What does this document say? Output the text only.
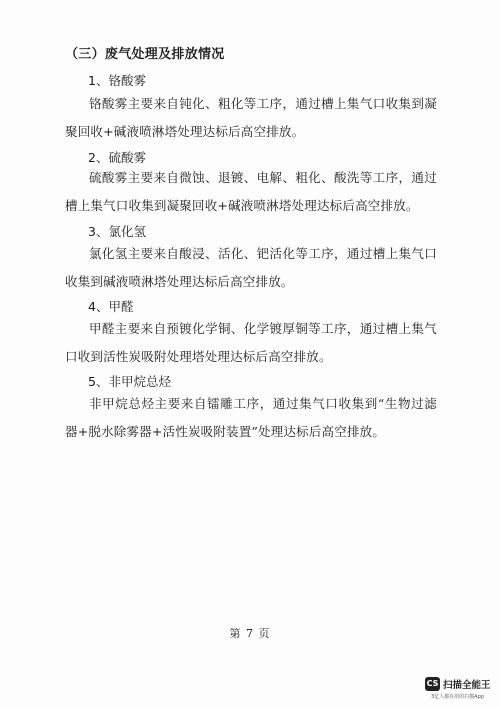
（三）废气处理及排放情况
1、铬酸雾
铬酸雾主要来自钝化、粗化等工序，通过槽上集气口收集到凝聚回收+碱液喷淋塔处理达标后高空排放。
2、硫酸雾
硫酸雾主要来自微蚀、退镀、电解、粗化、酸洗等工序，通过槽上集气口收集到凝聚回收+碱液喷淋塔处理达标后高空排放。
3、氯化氢
氯化氢主要来自酸浸、活化、钯活化等工序，通过槽上集气口收集到碱液喷淋塔处理达标后高空排放。
4、甲醛
甲醛主要来自预镀化学铜、化学镀厚铜等工序，通过槽上集气口收到活性炭吸附处理塔处理达标后高空排放。
5、非甲烷总烃
非甲烷总烃主要来自镭雕工序，通过集气口收集到“生物过滤器+脱水除雾器+活性炭吸附装置”处理达标后高空排放。
第 7 页
CS 扫描全能王
3亿人都在用的扫描App
